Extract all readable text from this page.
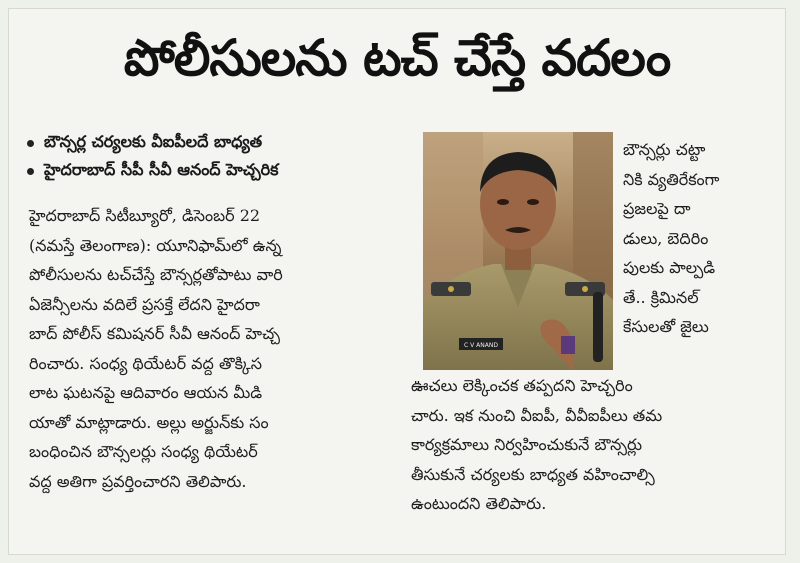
పోలీసులను టచ్ చేస్తే వదలం
బౌన్సర్ల చర్యలకు వీఐపీలదే బాధ్యత
హైదరాబాద్ సీపీ సీవీ ఆనంద్ హెచ్చరిక
హైదరాబాద్ సిటీబ్యూరో, డిసెంబర్ 22
(నమస్తే తెలంగాణ): యూనిఫామ్‌లో ఉన్న
పోలీసులను టచ్‌చేస్తే బౌన్సర్లతోపాటు వారి
ఏజెన్సీలను వదిలే ప్రసక్తే లేదని హైదరా
బాద్ పోలీస్ కమిషనర్ సీవీ ఆనంద్ హెచ్చ
రించారు. సంధ్య థియేటర్ వద్ద తొక్కిస
లాట ఘటనపై ఆదివారం ఆయన మీడి
యాతో మాట్లాడారు. అల్లు అర్జున్‌కు సం
బంధించిన బౌన్సలర్లు సంధ్య థియేటర్
వద్ద అతిగా ప్రవర్తించారని తెలిపారు.
C V ANAND
బౌన్సర్లు చట్టా
నికి వ్యతిరేకంగా
ప్రజలపై దా
డులు, బెదిరిం
పులకు పాల్పడి
తే.. క్రిమినల్
కేసులతో జైలు
ఊచలు లెక్కించక తప్పదని హెచ్చరిం
చారు. ఇక నుంచి వీఐపీ, వీవీఐపీలు తమ
కార్యక్రమాలు నిర్వహించుకునే బౌన్సర్లు
తీసుకునే చర్యలకు బాధ్యత వహించాల్సి
ఉంటుందని తెలిపారు.
